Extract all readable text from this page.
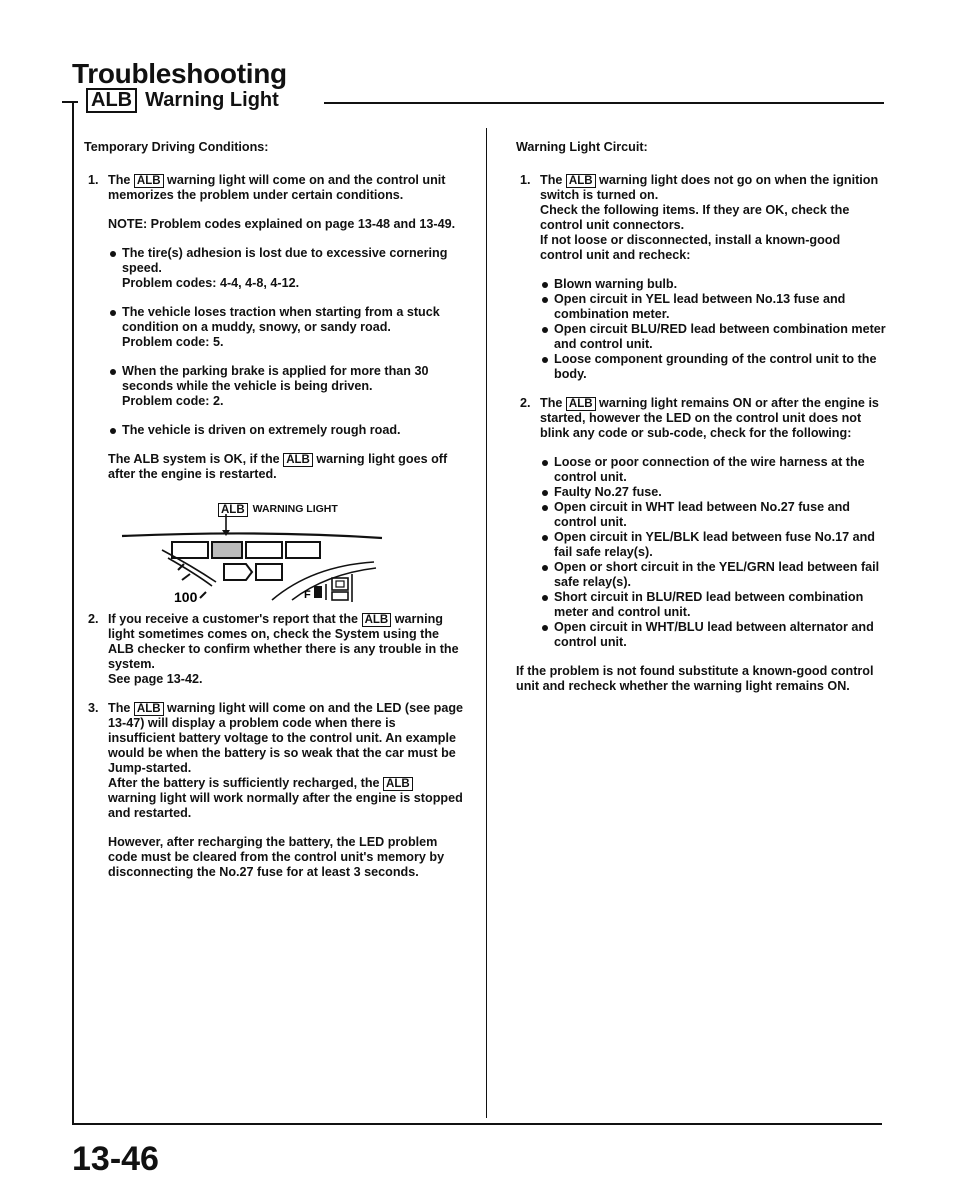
Troubleshooting
ALB Warning Light
Temporary Driving Conditions:
1. The ALB warning light will come on and the control unit memorizes the problem under certain conditions.
NOTE: Problem codes explained on page 13-48 and 13-49.
The tire(s) adhesion is lost due to excessive cornering speed.
Problem codes: 4-4, 4-8, 4-12.
The vehicle loses traction when starting from a stuck condition on a muddy, snowy, or sandy road.
Problem code: 5.
When the parking brake is applied for more than 30 seconds while the vehicle is being driven.
Problem code: 2.
The vehicle is driven on extremely rough road.
The ALB system is OK, if the ALB warning light goes off after the engine is restarted.
ALB WARNING LIGHT
100	F
2. If you receive a customer's report that the ALB warning light sometimes comes on, check the System using the ALB checker to confirm whether there is any trouble in the system.
See page 13-42.
3. The ALB warning light will come on and the LED (see page 13-47) will display a problem code when there is insufficient battery voltage to the control unit. An example would be when the battery is so weak that the car must be Jump-started.
After the battery is sufficiently recharged, the ALB warning light will work normally after the engine is stopped and restarted.
However, after recharging the battery, the LED problem code must be cleared from the control unit's memory by disconnecting the No.27 fuse for at least 3 seconds.
Warning Light Circuit:
1. The ALB warning light does not go on when the ignition switch is turned on.
Check the following items. If they are OK, check the control unit connectors.
If not loose or disconnected, install a known-good control unit and recheck:
Blown warning bulb.
Open circuit in YEL lead between No.13 fuse and combination meter.
Open circuit BLU/RED lead between combination meter and control unit.
Loose component grounding of the control unit to the body.
2. The ALB warning light remains ON or after the engine is started, however the LED on the control unit does not blink any code or sub-code, check for the following:
Loose or poor connection of the wire harness at the control unit.
Faulty No.27 fuse.
Open circuit in WHT lead between No.27 fuse and control unit.
Open circuit in YEL/BLK lead between fuse No.17 and fail safe relay(s).
Open or short circuit in the YEL/GRN lead between fail safe relay(s).
Short circuit in BLU/RED lead between combination meter and control unit.
Open circuit in WHT/BLU lead between alternator and control unit.
If the problem is not found substitute a known-good control unit and recheck whether the warning light remains ON.
13-46
